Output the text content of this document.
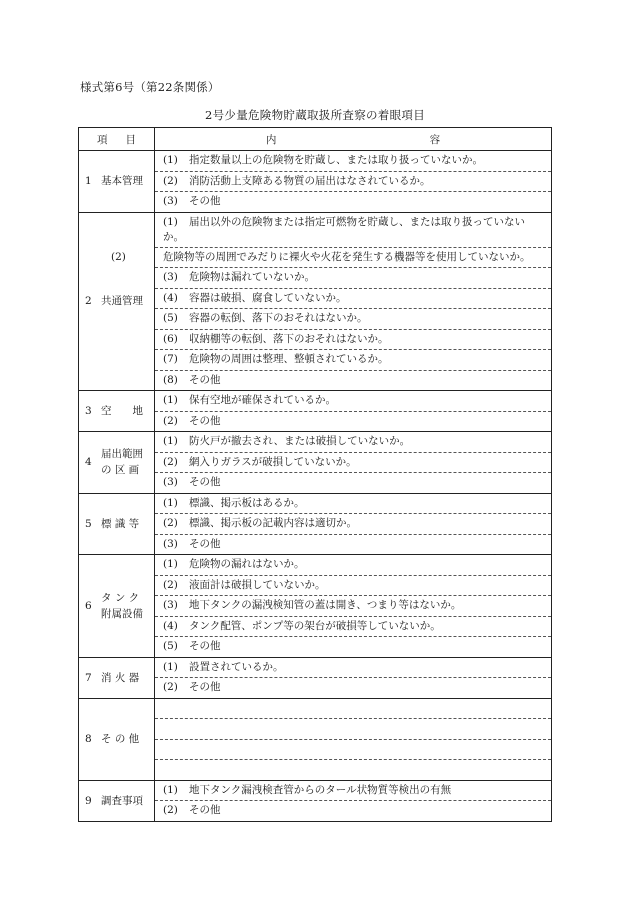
様式第6号（第22条関係）
2号少量危険物貯蔵取扱所査察の着眼項目
項 目	内 容

1 基本管理	(1) 指定数量以上の危険物を貯蔵し、または取り扱っていないか。
	(2) 消防活動上支障ある物質の届出はなされているか。
	(3) その他

2 共通管理	(1) 届出以外の危険物または指定可燃物を貯蔵し、または取り扱っていないか。
	(2) 危険物等の周囲でみだりに裸火や火花を発生する機器等を使用していないか。
	(3) 危険物は漏れていないか。
	(4) 容器は破損、腐食していないか。
	(5) 容器の転倒、落下のおそれはないか。
	(6) 収納棚等の転倒、落下のおそれはないか。
	(7) 危険物の周囲は整理、整頓されているか。
	(8) その他

3 空　　地	(1) 保有空地が確保されているか。
	(2) その他

4
届出範囲
の 区 画	(1) 防火戸が撤去され、または破損していないか。
	(2) 網入りガラスが破損していないか。
	(3) その他

5 標 識 等	(1) 標識、掲示板はあるか。
	(2) 標識、掲示板の記載内容は適切か。
	(3) その他

6
タ ン ク
附属設備	(1) 危険物の漏れはないか。
	(2) 液面計は破損していないか。
	(3) 地下タンクの漏洩検知管の蓋は開き、つまり等はないか。
	(4) タンク配管、ポンプ等の架台が破損等していないか。
	(5) その他

7 消 火 器	(1) 設置されているか。
	(2) その他

8 そ の 他	

9 調査事項	(1) 地下タンク漏洩検査管からのタール状物質等検出の有無
	(2) その他
